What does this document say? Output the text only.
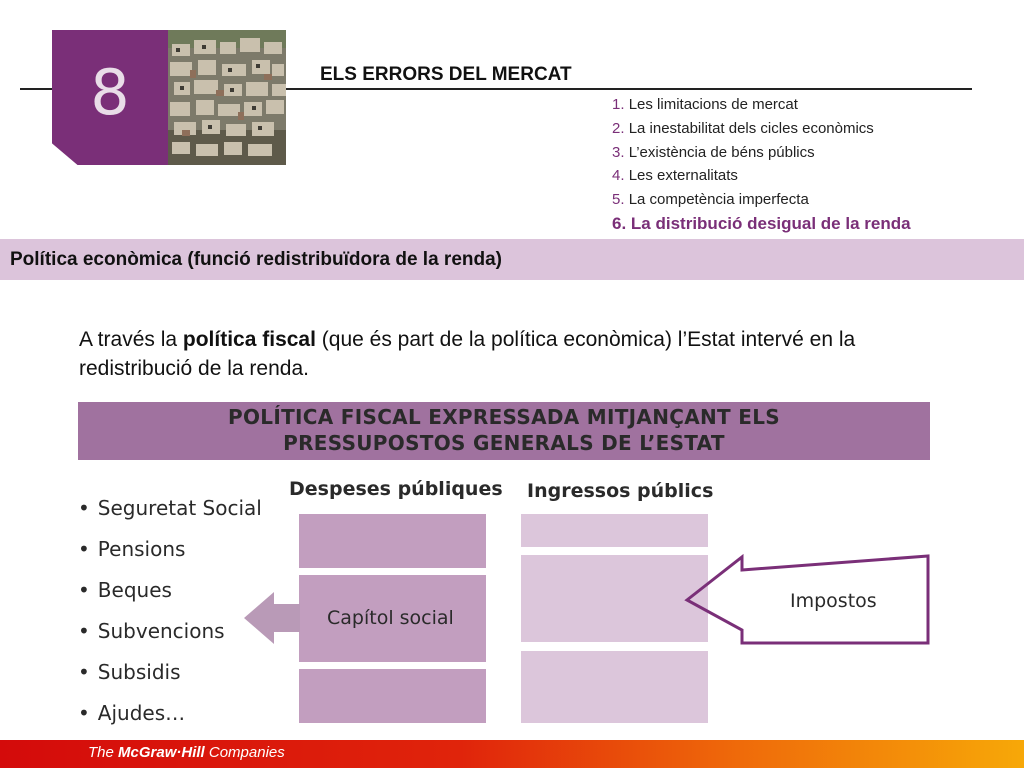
8	ELS ERRORS DEL MERCAT
1. Les limitacions de mercat
2. La inestabilitat dels cicles econòmics
3. L’existència de béns públics
4. Les externalitats
5. La competència imperfecta
6. La distribució desigual de la renda
Política econòmica (funció redistribuïdora de la renda)
A través la política fiscal (que és part de la política econòmica) l’Estat intervé en la redistribució de la renda.
POLÍTICA FISCAL EXPRESSADA MITJANÇANT ELS
PRESSUPOSTOS GENERALS DE L’ESTAT
• Seguretat Social
• Pensions
• Beques
• Subvencions
• Subsidis
• Ajudes…
Despeses públiques Ingressos públics
Capítol social
Impostos
The McGraw·Hill Companies
